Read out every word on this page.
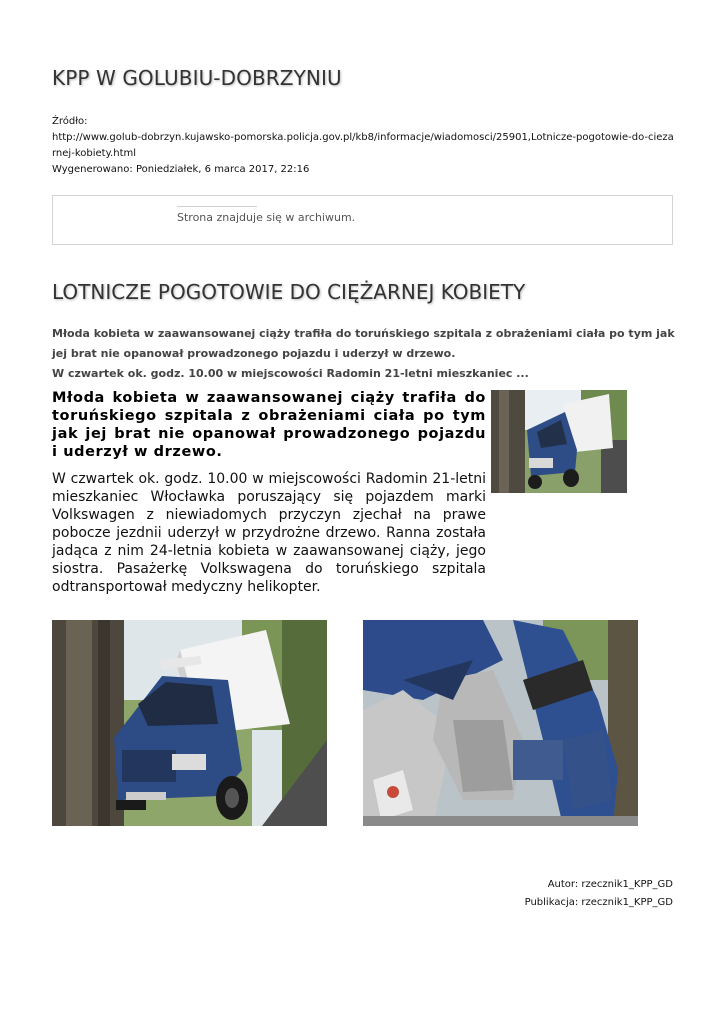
KPP W GOLUBIU-DOBRZYNIU
Źródło:
http://www.golub-dobrzyn.kujawsko-pomorska.policja.gov.pl/kb8/informacje/wiadomosci/25901,Lotnicze-pogotowie-do-ciezarnej-kobiety.html
Wygenerowano: Poniedziałek, 6 marca 2017, 22:16
Strona znajduje się w archiwum.
LOTNICZE POGOTOWIE DO CIĘŻARNEJ KOBIETY
Młoda kobieta w zaawansowanej ciąży trafiła do toruńskiego szpitala z obrażeniami ciała po tym jak jej brat nie opanował prowadzonego pojazdu i uderzył w drzewo.
W czwartek ok. godz. 10.00 w miejscowości Radomin 21-letni mieszkaniec ...
Młoda kobieta w zaawansowanej ciąży trafiła do toruńskiego szpitala z obrażeniami ciała po tym jak jej brat nie opanował prowadzonego pojazdu i uderzył w drzewo.
W czwartek ok. godz. 10.00 w miejscowości Radomin 21-letni mieszkaniec Włocławka poruszający się pojazdem marki Volkswagen z niewiadomych przyczyn zjechał na prawe pobocze jezdnii uderzył w przydrożne drzewo. Ranna została jadąca z nim 24-letnia kobieta w zaawansowanej ciąży, jego siostra. Pasażerkę Volkswagena do toruńskiego szpitala odtransportował medyczny helikopter.
Autor: rzecznik1_KPP_GD
Publikacja: rzecznik1_KPP_GD
